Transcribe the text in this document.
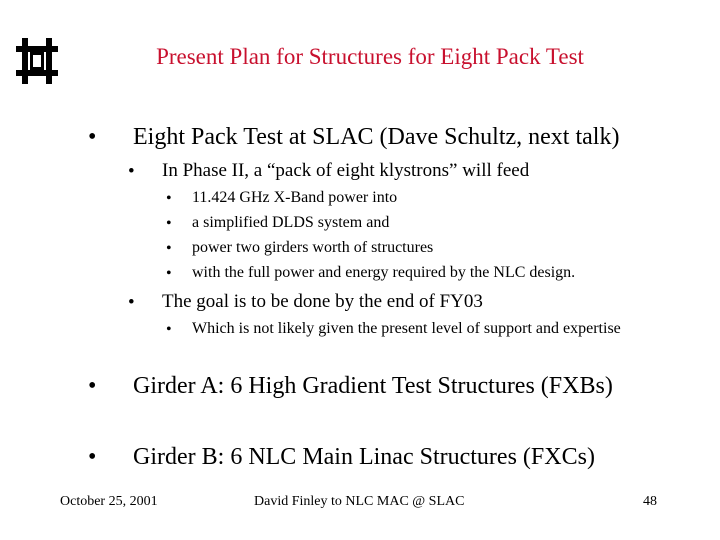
Present Plan for Structures for Eight Pack Test
• Eight Pack Test at SLAC (Dave Schultz, next talk)
• In Phase II, a “pack of eight klystrons” will feed
• 11.424 GHz X-Band power into
• a simplified DLDS system and
• power two girders worth of structures
• with the full power and energy required by the NLC design.
• The goal is to be done by the end of FY03
• Which is not likely given the present level of support and expertise
• Girder A: 6 High Gradient Test Structures (FXBs)
• Girder B: 6 NLC Main Linac Structures (FXCs)
October 25, 2001	David Finley to NLC MAC @ SLAC	48
